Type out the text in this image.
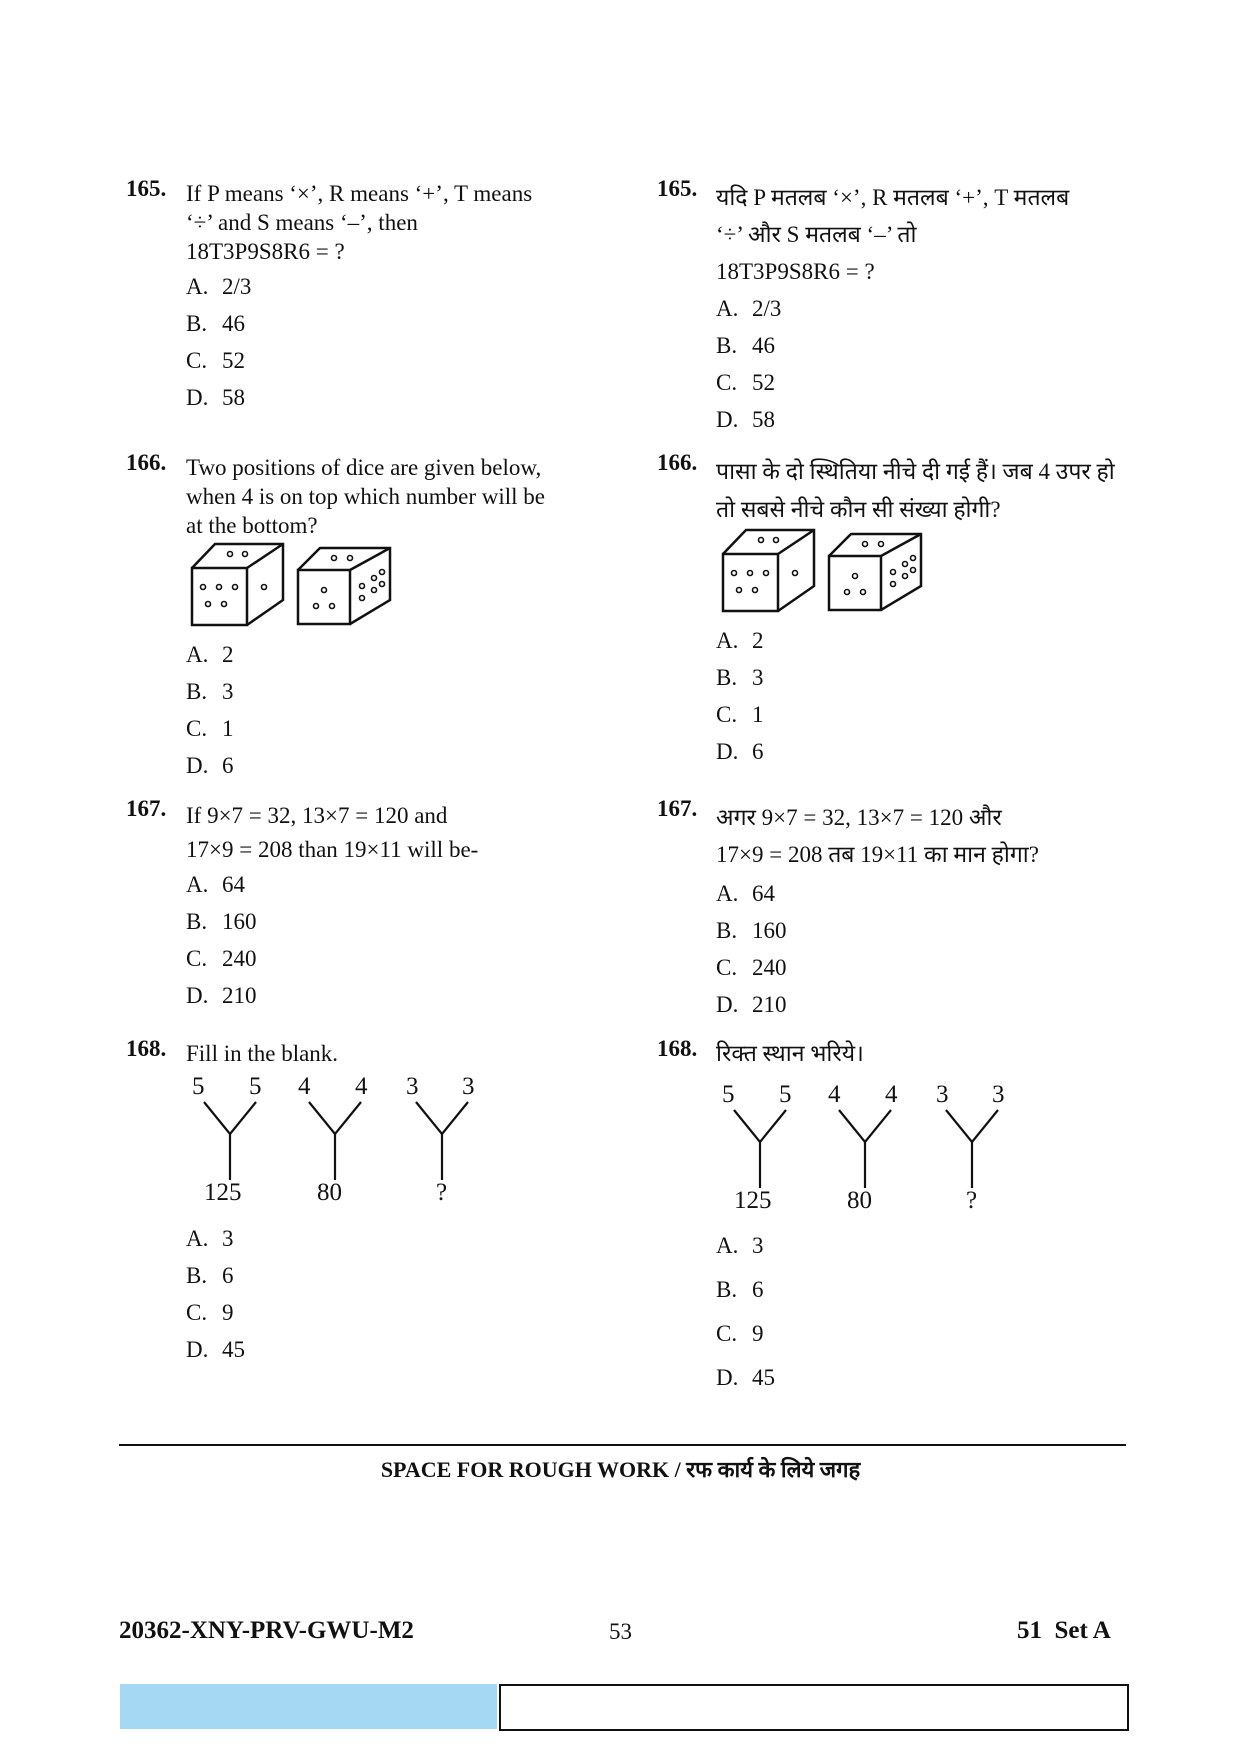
165. If P means ‘×’, R means ‘+’, T means
‘÷’ and S means ‘–’, then
18T3P9S8R6 = ?
A. 2/3
B. 46
C. 52
D. 58
166. Two positions of dice are given below,
when 4 is on top which number will be
at the bottom?
A. 2
B. 3
C. 1
D. 6
167. If 9×7 = 32, 13×7 = 120 and
17×9 = 208 than 19×11 will be-
A. 64
B. 160
C. 240
D. 210
168. Fill in the blank.
5 5 4 4 3 3
125	80	?
A. 3
B. 6
C. 9
D. 45
165. यदि P मतलब ‘×’, R मतलब ‘+’, T मतलब
‘÷’ और S मतलब ‘–’ तो
18T3P9S8R6 = ?
A. 2/3
B. 46
C. 52
D. 58
166. पासा के दो स्थितिया नीचे दी गई हैं। जब 4 उपर हो
तो सबसे नीचे कौन सी संख्या होगी?
A. 2
B. 3
C. 1
D. 6
167. अगर 9×7 = 32, 13×7 = 120 और
17×9 = 208 तब 19×11 का मान होगा?
A. 64
B. 160
C. 240
D. 210
168. रिक्त स्थान भरिये।
5 5 4 4 3 3
125	80	?
A. 3
B. 6
C. 9
D. 45
SPACE FOR ROUGH WORK / रफ कार्य के लिये जगह
20362-XNY-PRV-GWU-M2	53	51  Set A
